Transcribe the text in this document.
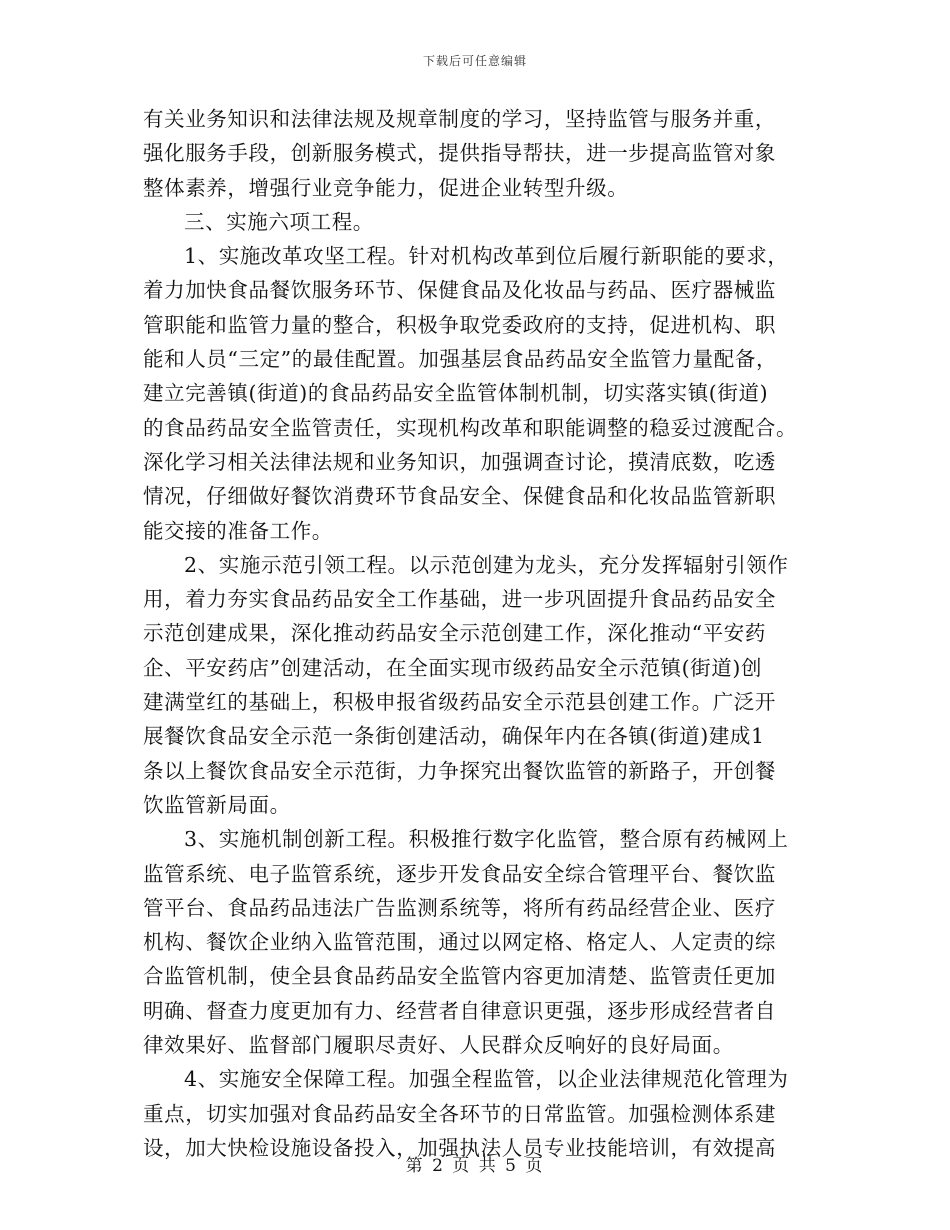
下载后可任意编辑
有关业务知识和法律法规及规章制度的学习，坚持监管与服务并重，
强化服务手段，创新服务模式，提供指导帮扶，进一步提高监管对象
整体素养，增强行业竞争能力，促进企业转型升级。
三、实施六项工程。
1、实施改革攻坚工程。针对机构改革到位后履行新职能的要求，
着力加快食品餐饮服务环节、保健食品及化妆品与药品、医疗器械监
管职能和监管力量的整合，积极争取党委政府的支持，促进机构、职
能和人员“三定”的最佳配置。加强基层食品药品安全监管力量配备，
建立完善镇(街道)的食品药品安全监管体制机制，切实落实镇(街道)
的食品药品安全监管责任，实现机构改革和职能调整的稳妥过渡配合。
深化学习相关法律法规和业务知识，加强调查讨论，摸清底数，吃透
情况，仔细做好餐饮消费环节食品安全、保健食品和化妆品监管新职
能交接的准备工作。
2、实施示范引领工程。以示范创建为龙头，充分发挥辐射引领作
用，着力夯实食品药品安全工作基础，进一步巩固提升食品药品安全
示范创建成果，深化推动药品安全示范创建工作，深化推动“平安药
企、平安药店”创建活动，在全面实现市级药品安全示范镇(街道)创
建满堂红的基础上，积极申报省级药品安全示范县创建工作。广泛开
展餐饮食品安全示范一条街创建活动，确保年内在各镇(街道)建成1
条以上餐饮食品安全示范街，力争探究出餐饮监管的新路子，开创餐
饮监管新局面。
3、实施机制创新工程。积极推行数字化监管，整合原有药械网上
监管系统、电子监管系统，逐步开发食品安全综合管理平台、餐饮监
管平台、食品药品违法广告监测系统等，将所有药品经营企业、医疗
机构、餐饮企业纳入监管范围，通过以网定格、格定人、人定责的综
合监管机制，使全县食品药品安全监管内容更加清楚、监管责任更加
明确、督查力度更加有力、经营者自律意识更强，逐步形成经营者自
律效果好、监督部门履职尽责好、人民群众反响好的良好局面。
4、实施安全保障工程。加强全程监管，以企业法律规范化管理为
重点，切实加强对食品药品安全各环节的日常监管。加强检测体系建
设，加大快检设施设备投入，加强执法人员专业技能培训，有效提高
第 2 页 共 5 页
